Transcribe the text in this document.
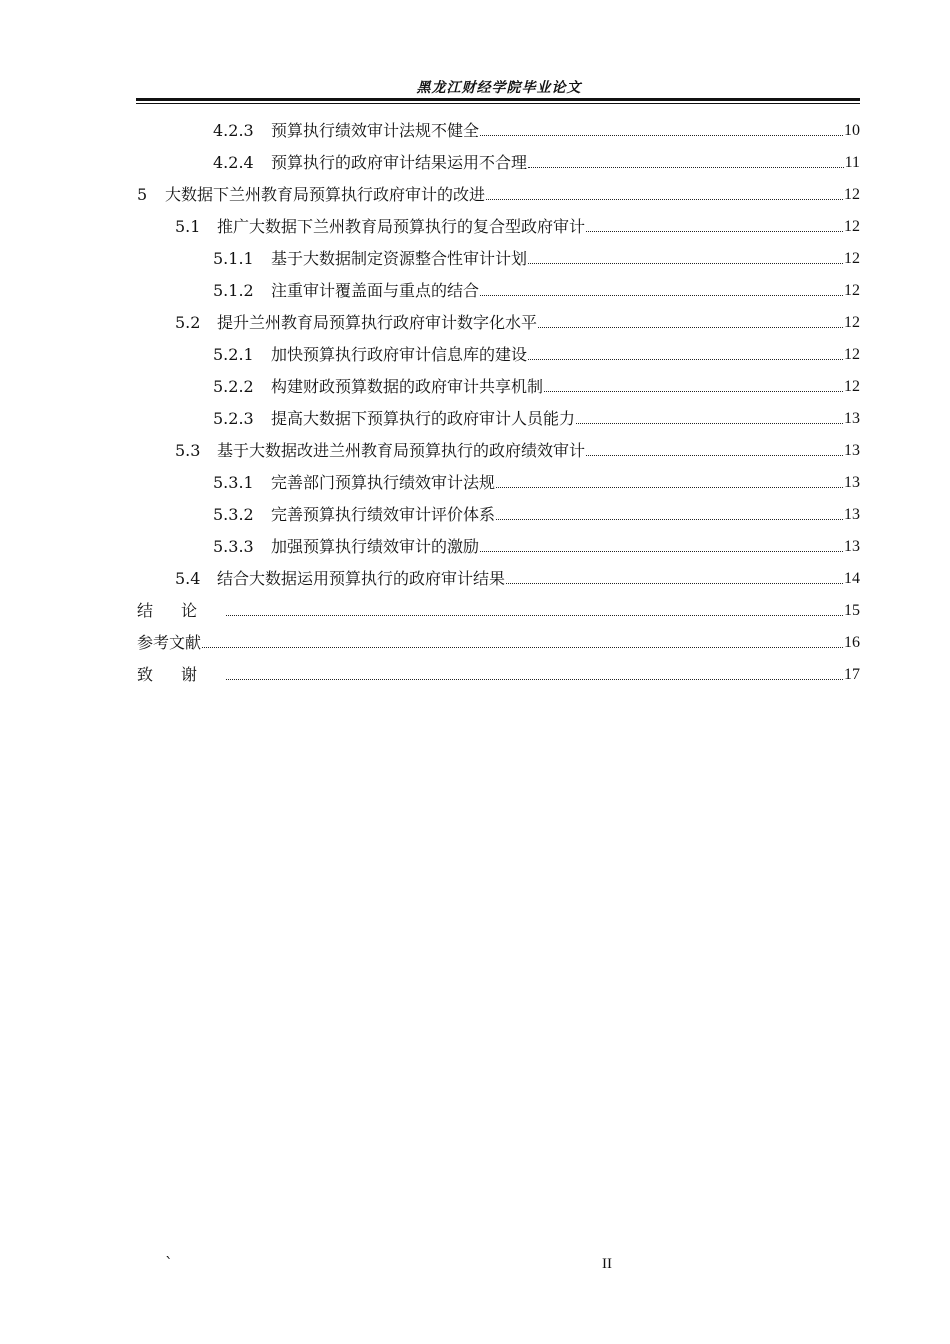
黑龙江财经学院毕业论文
4.2.3	预算执行绩效审计法规不健全	10
4.2.4	预算执行的政府审计结果运用不合理	11
5	大数据下兰州教育局预算执行政府审计的改进	12
5.1	推广大数据下兰州教育局预算执行的复合型政府审计	12
5.1.1	基于大数据制定资源整合性审计计划	12
5.1.2	注重审计覆盖面与重点的结合	12
5.2	提升兰州教育局预算执行政府审计数字化水平	12
5.2.1	加快预算执行政府审计信息库的建设	12
5.2.2	构建财政预算数据的政府审计共享机制	12
5.2.3	提高大数据下预算执行的政府审计人员能力	13
5.3	基于大数据改进兰州教育局预算执行的政府绩效审计	13
5.3.1	完善部门预算执行绩效审计法规	13
5.3.2	完善预算执行绩效审计评价体系	13
5.3.3	加强预算执行绩效审计的激励	13
5.4	结合大数据运用预算执行的政府审计结果	14
结论	15
参考文献	16
致谢	17
`	II
